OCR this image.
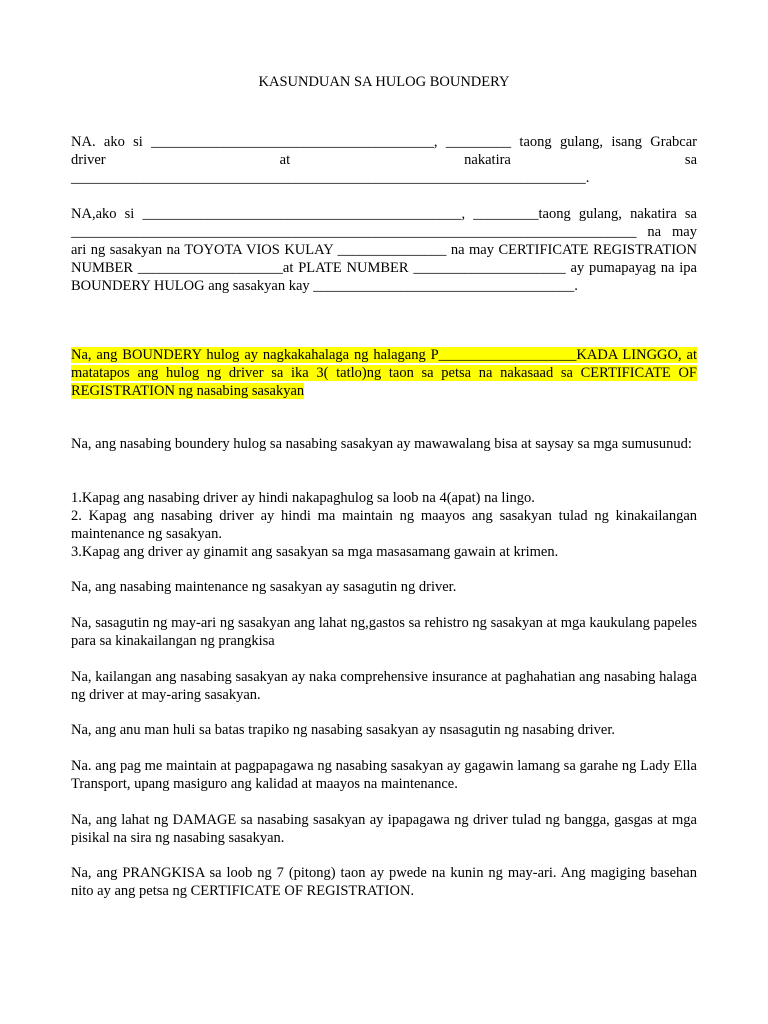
KASUNDUAN SA HULOG BOUNDERY

NA. ako si _______________________________________, _________ taong gulang, isang Grabcar driver at nakatira sa _______________________________________________________________________.

NA,ako si ____________________________________________, _________taong gulang, nakatira sa ______________________________________________________________________________ na may ari ng sasakyan na TOYOTA VIOS KULAY _______________ na may CERTIFICATE REGISTRATION NUMBER ____________________at PLATE NUMBER _____________________ ay pumapayag na ipa BOUNDERY HULOG ang sasakyan kay ____________________________________.

Na, ang BOUNDERY hulog ay nagkakahalaga ng halagang P___________________KADA LINGGO, at matatapos ang hulog ng driver sa ika 3( tatlo)ng taon sa petsa na nakasaad sa CERTIFICATE OF REGISTRATION ng nasabing sasakyan

Na, ang nasabing boundery hulog sa nasabing sasakyan ay mawawalang bisa at saysay sa mga sumusunud:

1.Kapag ang nasabing driver ay hindi nakapaghulog sa loob na 4(apat) na lingo.
2. Kapag ang nasabing driver ay hindi ma maintain ng maayos ang sasakyan tulad ng kinakailangan maintenance ng sasakyan.
3.Kapag ang driver ay ginamit ang sasakyan sa mga masasamang gawain at krimen.

Na, ang nasabing maintenance ng sasakyan ay sasagutin ng driver.

Na, sasagutin ng may-ari ng sasakyan ang lahat ng,gastos sa rehistro ng sasakyan at mga kaukulang papeles para sa kinakailangan ng prangkisa

Na, kailangan ang nasabing sasakyan ay naka comprehensive insurance at paghahatian ang nasabing halaga ng driver at may-aring sasakyan.

Na, ang anu man huli sa batas trapiko ng nasabing sasakyan ay nsasagutin ng nasabing driver.

Na. ang pag me maintain at pagpapagawa ng nasabing sasakyan ay gagawin lamang sa garahe ng Lady Ella Transport, upang masiguro ang kalidad at maayos na maintenance.

Na, ang lahat ng DAMAGE sa nasabing sasakyan ay ipapagawa ng driver tulad ng bangga, gasgas at mga pisikal na sira ng nasabing sasakyan.

Na, ang PRANGKISA sa loob ng 7 (pitong) taon ay pwede na kunin ng may-ari. Ang magiging basehan nito ay ang petsa ng CERTIFICATE OF REGISTRATION.
